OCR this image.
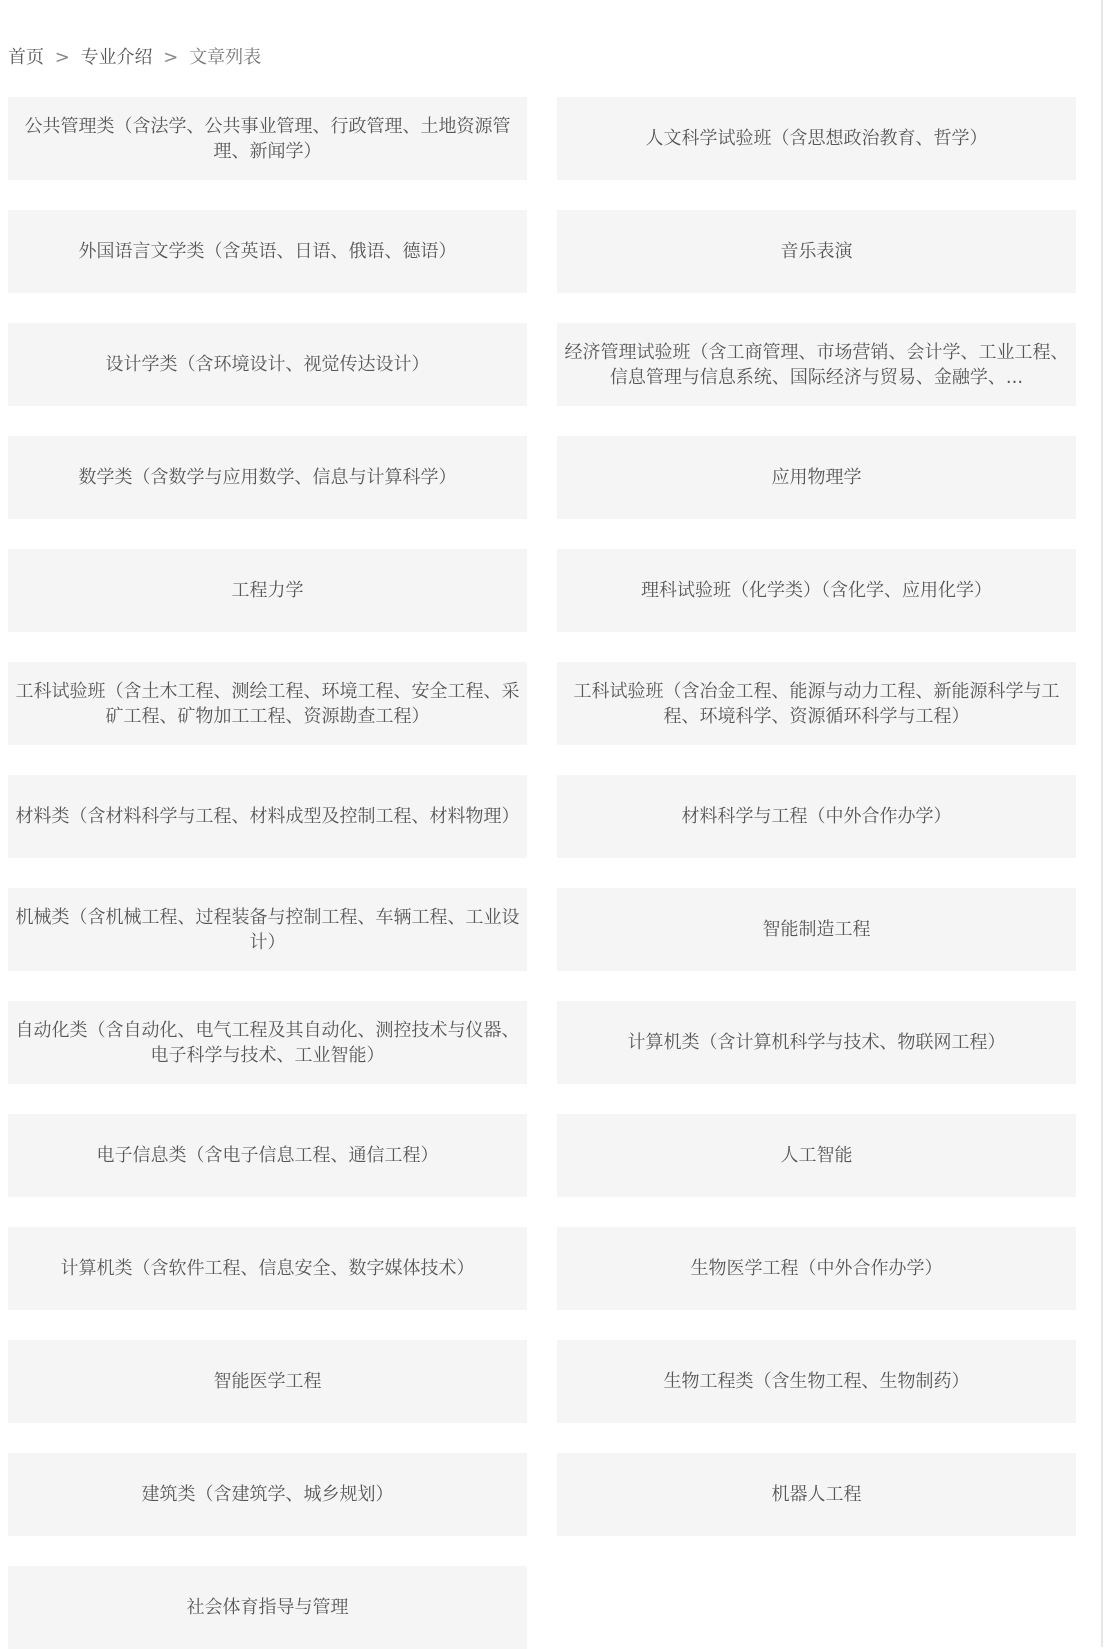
首页 > 专业介绍 > 文章列表
公共管理类（含法学、公共事业管理、行政管理、土地资源管理、新闻学）
人文科学试验班（含思想政治教育、哲学）
外国语言文学类（含英语、日语、俄语、德语）	音乐表演
设计学类（含环境设计、视觉传达设计）
经济管理试验班（含工商管理、市场营销、会计学、工业工程、信息管理与信息系统、国际经济与贸易、金融学、...
数学类（含数学与应用数学、信息与计算科学）	应用物理学
工程力学	理科试验班（化学类）（含化学、应用化学）
工科试验班（含土木工程、测绘工程、环境工程、安全工程、采矿工程、矿物加工工程、资源勘查工程）
工科试验班（含冶金工程、能源与动力工程、新能源科学与工程、环境科学、资源循环科学与工程）
材料类（含材料科学与工程、材料成型及控制工程、材料物理）	材料科学与工程（中外合作办学）
机械类（含机械工程、过程装备与控制工程、车辆工程、工业设计）
智能制造工程
自动化类（含自动化、电气工程及其自动化、测控技术与仪器、电子科学与技术、工业智能）
计算机类（含计算机科学与技术、物联网工程）
电子信息类（含电子信息工程、通信工程）	人工智能
计算机类（含软件工程、信息安全、数字媒体技术）	生物医学工程（中外合作办学）
智能医学工程	生物工程类（含生物工程、生物制药）
建筑类（含建筑学、城乡规划）	机器人工程
社会体育指导与管理
